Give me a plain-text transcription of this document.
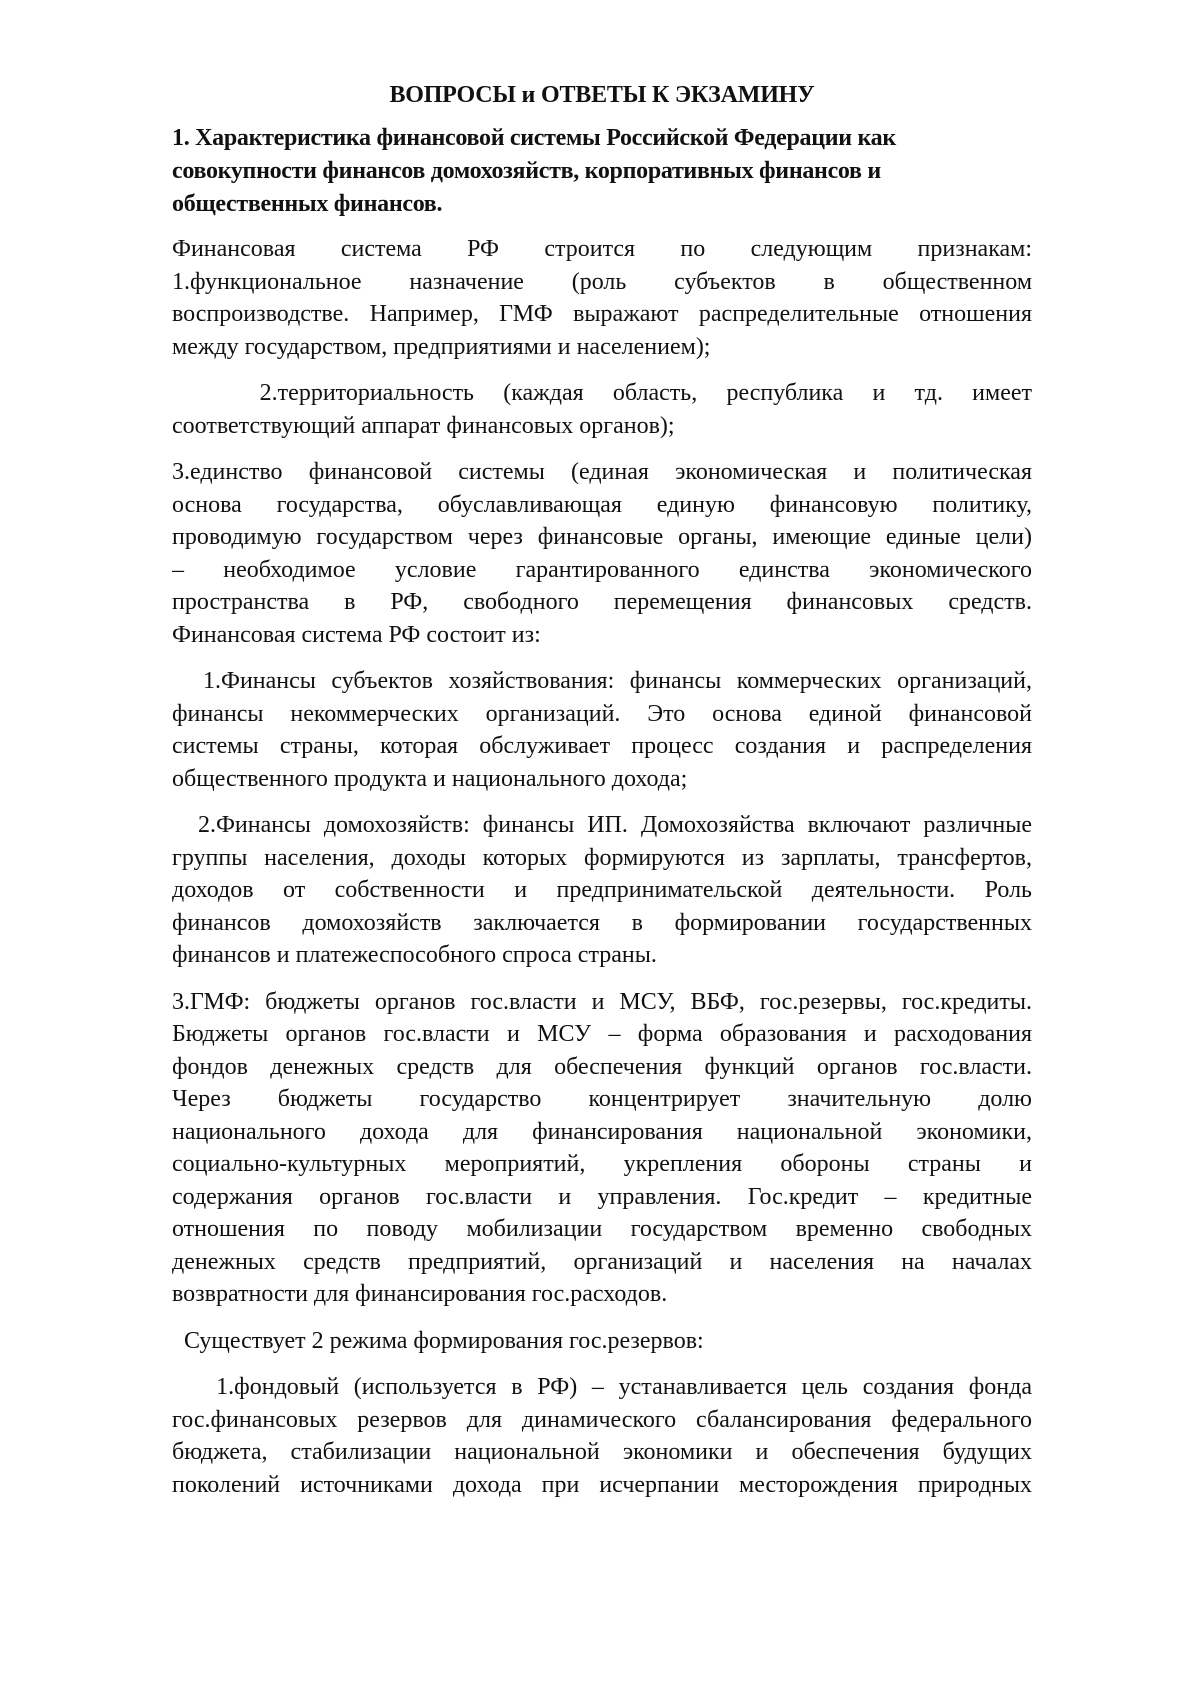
ВОПРОСЫ и ОТВЕТЫ К ЭКЗАМИНУ
1. Характеристика финансовой системы Российской Федерации как
совокупности финансов домохозяйств, корпоративных финансов и
общественных финансов.
Финансовая система РФ строится по следующим признакам:
1.функциональное назначение (роль субъектов в общественном
воспроизводстве. Например, ГМФ выражают распределительные отношения
между государством, предприятиями и населением);
2.территориальность (каждая область, республика и тд. имеет
соответствующий аппарат финансовых органов);
3.единство финансовой системы (единая экономическая и политическая
основа государства, обуславливающая единую финансовую политику,
проводимую государством через финансовые органы, имеющие единые цели)
– необходимое условие гарантированного единства экономического
пространства в РФ, свободного перемещения финансовых средств.
Финансовая система РФ состоит из:
1.Финансы субъектов хозяйствования: финансы коммерческих организаций,
финансы некоммерческих организаций. Это основа единой финансовой
системы страны, которая обслуживает процесс создания и распределения
общественного продукта и национального дохода;
2.Финансы домохозяйств: финансы ИП. Домохозяйства включают различные
группы населения, доходы которых формируются из зарплаты, трансфертов,
доходов от собственности и предпринимательской деятельности. Роль
финансов домохозяйств заключается в формировании государственных
финансов и платежеспособного спроса страны.
3.ГМФ: бюджеты органов гос.власти и МСУ, ВБФ, гос.резервы, гос.кредиты.
Бюджеты органов гос.власти и МСУ – форма образования и расходования
фондов денежных средств для обеспечения функций органов гос.власти.
Через бюджеты государство концентрирует значительную долю
национального дохода для финансирования национальной экономики,
социально-культурных мероприятий, укрепления обороны страны и
содержания органов гос.власти и управления. Гос.кредит – кредитные
отношения по поводу мобилизации государством временно свободных
денежных средств предприятий, организаций и населения на началах
возвратности для финансирования гос.расходов.
Существует 2 режима формирования гос.резервов:
1.фондовый (используется в РФ) – устанавливается цель создания фонда
гос.финансовых резервов для динамического сбалансирования федерального
бюджета, стабилизации национальной экономики и обеспечения будущих
поколений источниками дохода при исчерпании месторождения природных
